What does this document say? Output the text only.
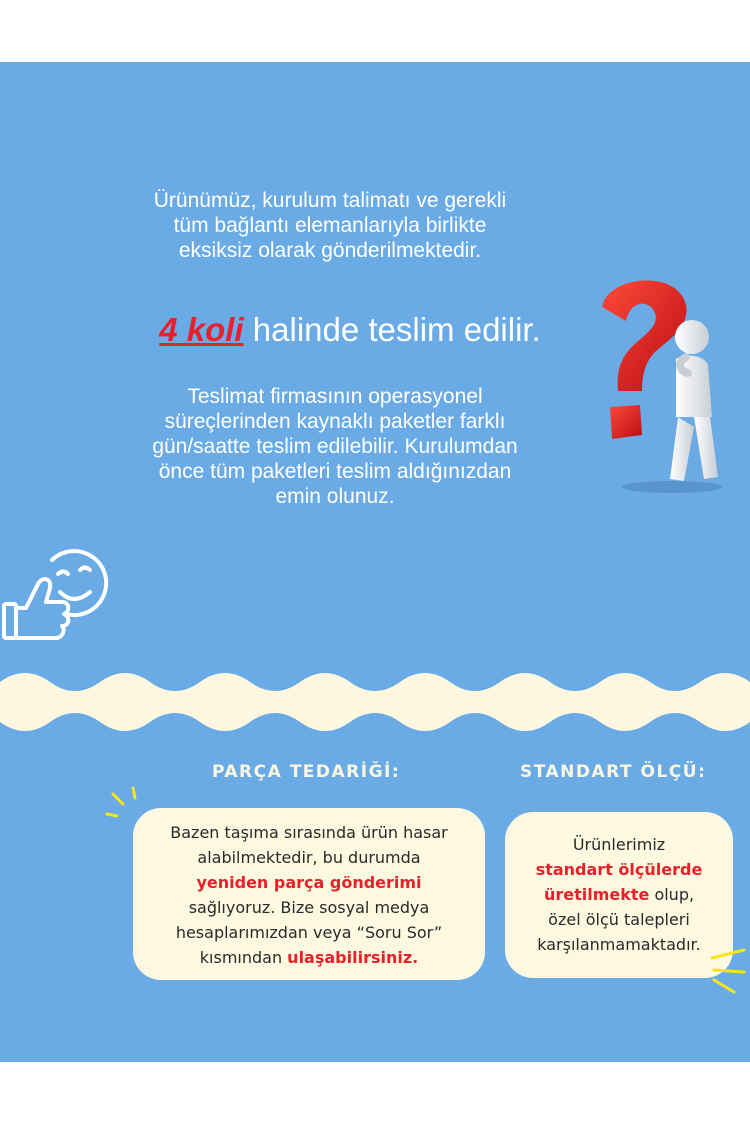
Ürünümüz, kurulum talimatı ve gerekli
tüm bağlantı elemanlarıyla birlikte
eksiksiz olarak gönderilmektedir.
4 koli halinde teslim edilir.
Teslimat firmasının operasyonel
süreçlerinden kaynaklı paketler farklı
gün/saatte teslim edilebilir. Kurulumdan
önce tüm paketleri teslim aldığınızdan
emin olunuz.
PARÇA TEDARİĞİ:	STANDART ÖLÇÜ:
Bazen taşıma sırasında ürün hasar
alabilmektedir, bu durumda
yeniden parça gönderimi
sağlıyoruz. Bize sosyal medya
hesaplarımızdan veya “Soru Sor”
kısmından ulaşabilirsiniz.
Ürünlerimiz
standart ölçülerde
üretilmekte olup,
özel ölçü talepleri
karşılanmamaktadır.
